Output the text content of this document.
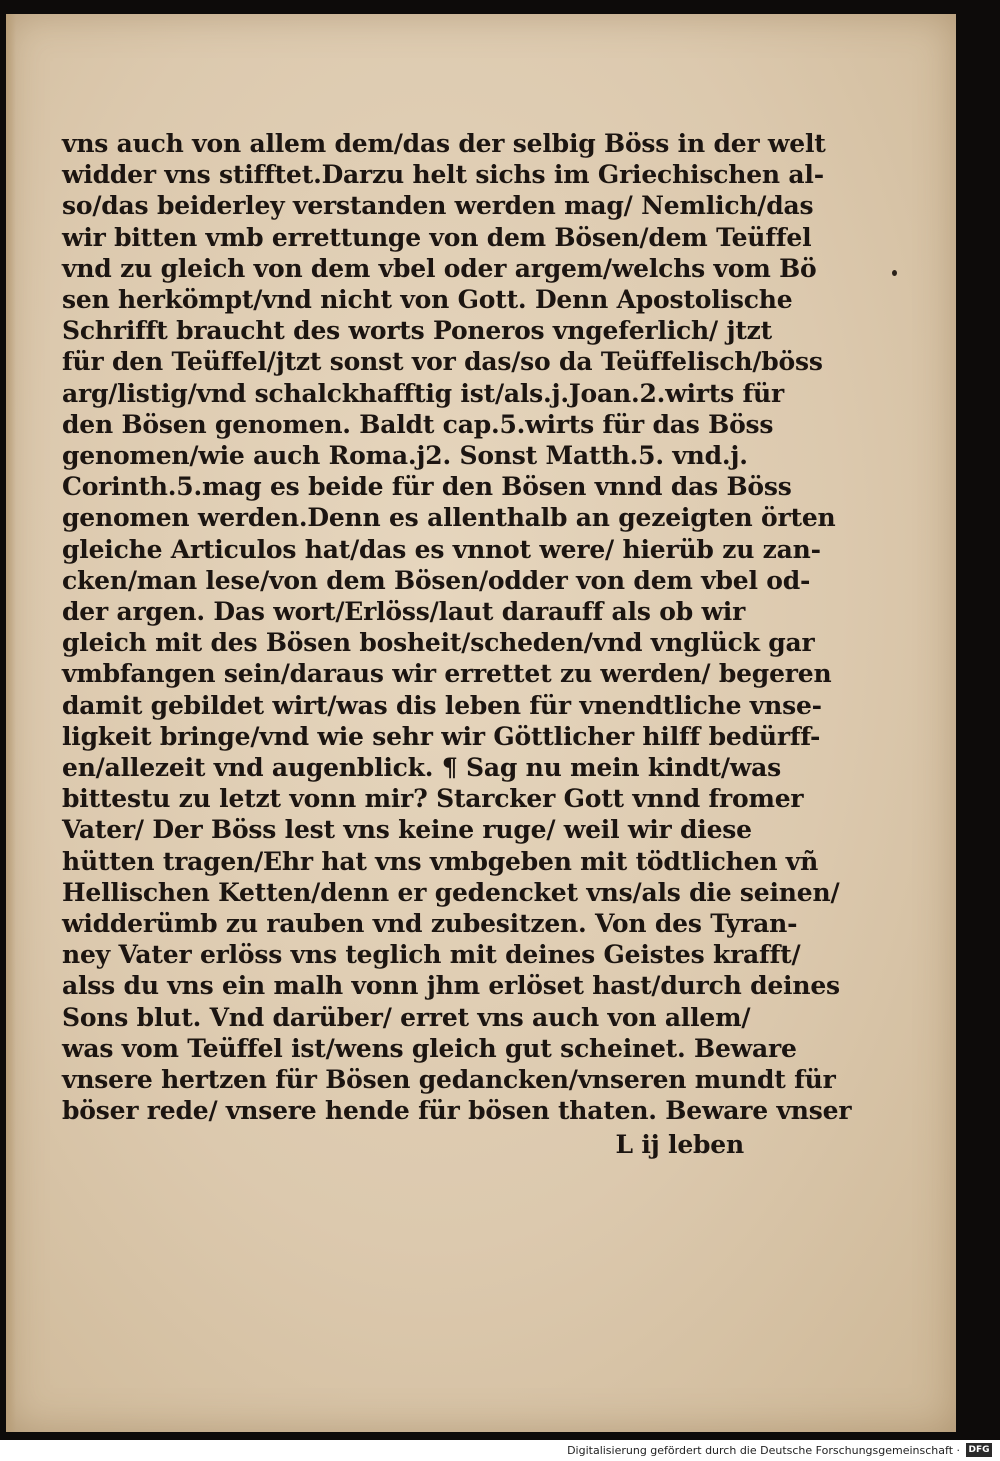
vns auch von allem dem/das der selbig Böss in der welt
widder vns stifftet.Darzu helt sichs im Griechischen al-
so/das beiderley verstanden werden mag/ Nemlich/das
wir bitten vmb errettunge von dem Bösen/dem Teüffel
vnd zu gleich von dem vbel oder argem/welchs vom Bö
sen herkömpt/vnd nicht von Gott. Denn Apostolische
Schrifft braucht des worts Poneros vngeferlich/ jtzt
für den Teüffel/jtzt sonst vor das/so da Teüffelisch/böss
arg/listig/vnd schalckhafftig ist/als.j.Joan.2.wirts für
den Bösen genomen. Baldt cap.5.wirts für das Böss
genomen/wie auch Roma.j2. Sonst Matth.5. vnd.j.
Corinth.5.mag es beide für den Bösen vnnd das Böss
genomen werden.Denn es allenthalb an gezeigten örten
gleiche Articulos hat/das es vnnot were/ hierüb zu zan-
cken/man lese/von dem Bösen/odder von dem vbel od-
der argen. Das wort/Erlöss/laut darauff als ob wir
gleich mit des Bösen bosheit/scheden/vnd vnglück gar
vmbfangen sein/daraus wir errettet zu werden/ begeren
damit gebildet wirt/was dis leben für vnendtliche vnse-
ligkeit bringe/vnd wie sehr wir Göttlicher hilff bedürff-
en/allezeit vnd augenblick. ¶ Sag nu mein kindt/was
bittestu zu letzt vonn mir? Starcker Gott vnnd fromer
Vater/ Der Böss lest vns keine ruge/ weil wir diese
hütten tragen/Ehr hat vns vmbgeben mit tödtlichen vñ
Hellischen Ketten/denn er gedencket vns/als die seinen/
widderümb zu rauben vnd zubesitzen. Von des Tyran-
ney Vater erlöss vns teglich mit deines Geistes krafft/
alss du vns ein malh vonn jhm erlöset hast/durch deines
Sons blut. Vnd darüber/ erret vns auch von allem/
was vom Teüffel ist/wens gleich gut scheinet. Beware
vnsere hertzen für Bösen gedancken/vnseren mundt für
böser rede/ vnsere hende für bösen thaten. Beware vnser
L ij leben
Digitalisierung gefördert durch die Deutsche Forschungsgemeinschaft · DFG
